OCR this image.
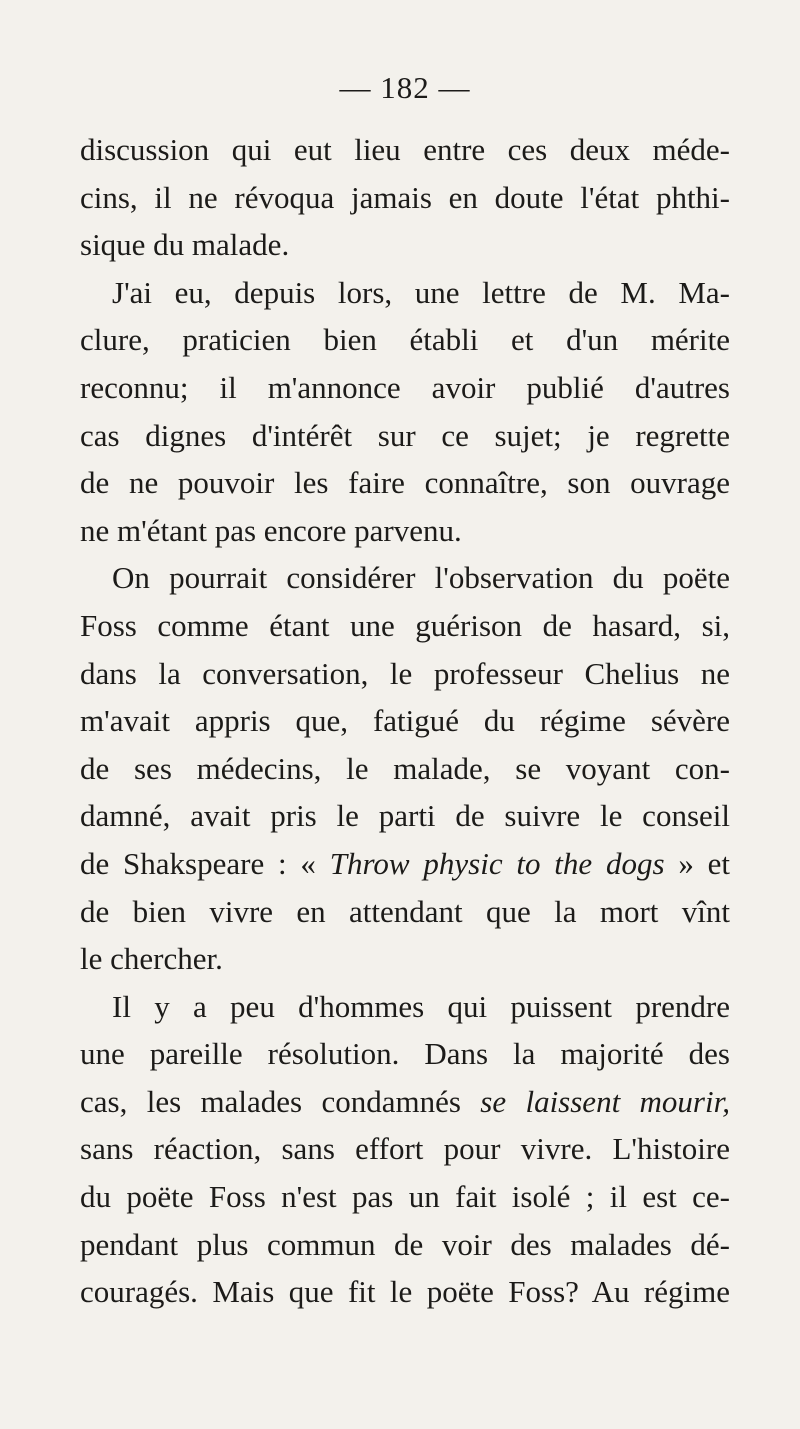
— 182 —
discussion qui eut lieu entre ces deux méde-
cins, il ne révoqua jamais en doute l'état phthi-
sique du malade.
J'ai eu, depuis lors, une lettre de M. Ma-
clure, praticien bien établi et d'un mérite
reconnu; il m'annonce avoir publié d'autres
cas dignes d'intérêt sur ce sujet; je regrette
de ne pouvoir les faire connaître, son ouvrage
ne m'étant pas encore parvenu.
On pourrait considérer l'observation du poëte
Foss comme étant une guérison de hasard, si,
dans la conversation, le professeur Chelius ne
m'avait appris que, fatigué du régime sévère
de ses médecins, le malade, se voyant con-
damné, avait pris le parti de suivre le conseil
de Shakspeare : « Throw physic to the dogs » et
de bien vivre en attendant que la mort vînt
le chercher.
Il y a peu d'hommes qui puissent prendre
une pareille résolution. Dans la majorité des
cas, les malades condamnés se laissent mourir,
sans réaction, sans effort pour vivre. L'histoire
du poëte Foss n'est pas un fait isolé ; il est ce-
pendant plus commun de voir des malades dé-
couragés. Mais que fit le poëte Foss? Au régime
